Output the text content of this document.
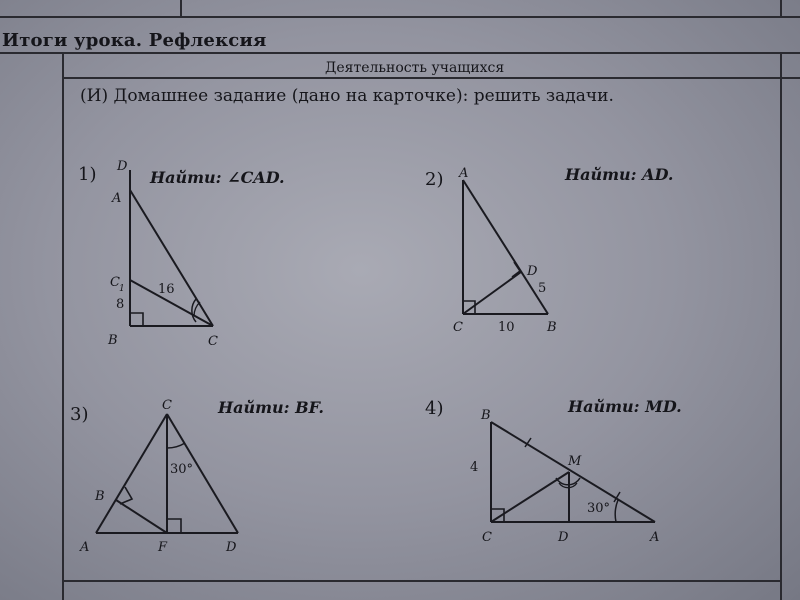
Итоги урока. Рефлексия
Деятельность учащихся
(И) Домашнее задание (дано на карточке): решить задачи.
1)	Найти: ∠CAD.
D
A
C 1
B	C
8
16
2)	Найти: AD.
A
D
C	B
5
10
3)	Найти: BF.
C
B
A	F	D
30°
4)	Найти: MD.
B
M
C	D	A
4
30°
